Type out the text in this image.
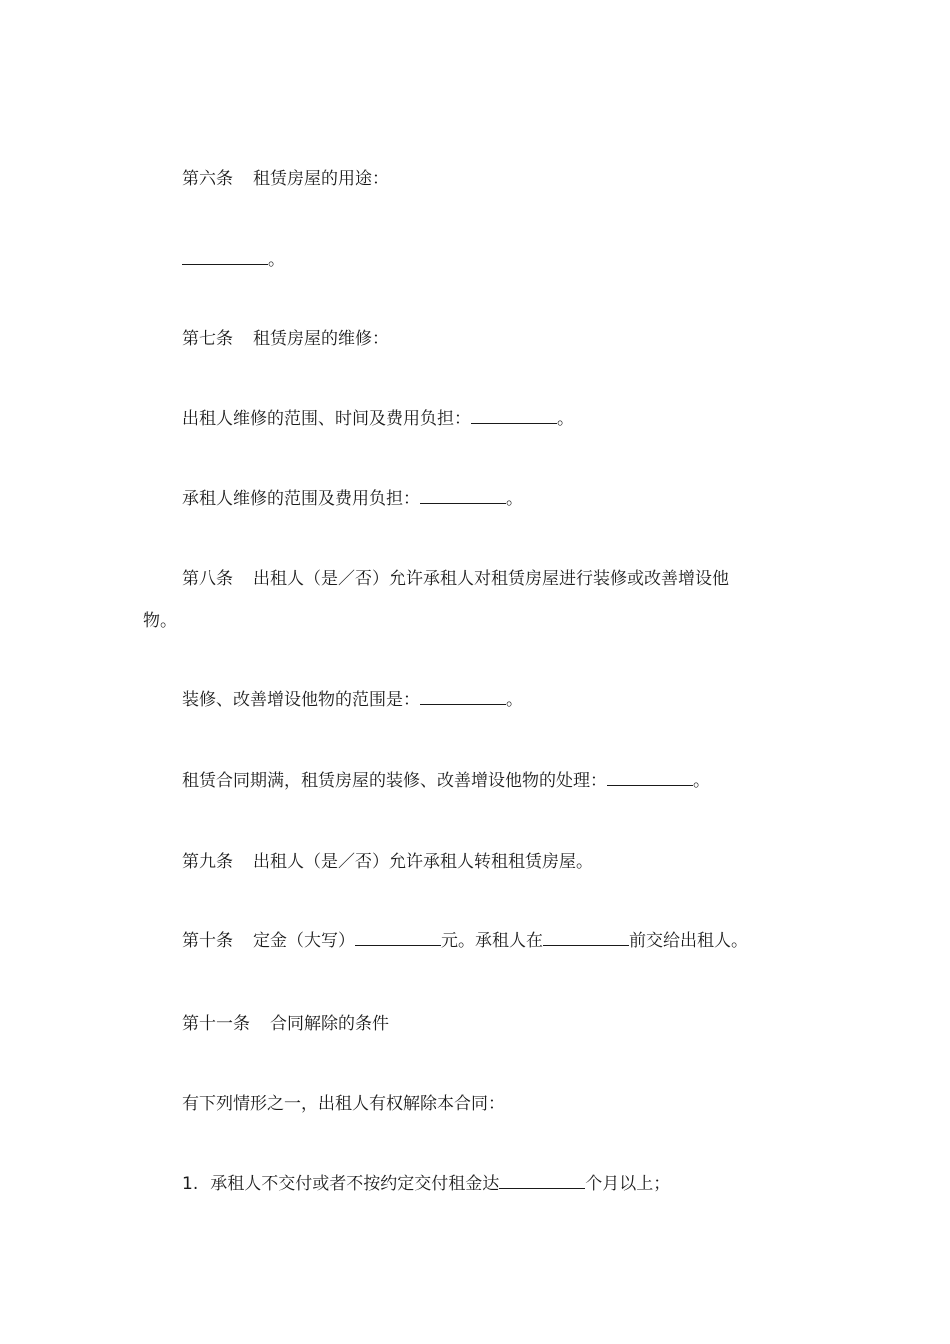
第六条 租赁房屋的用途：
。
第七条 租赁房屋的维修：
出租人维修的范围、时间及费用负担：	。
承租人维修的范围及费用负担：	。
第八条 出租人（是／否）允许承租人对租赁房屋进行装修或改善增设他
物。
装修、改善增设他物的范围是：	。
租赁合同期满，租赁房屋的装修、改善增设他物的处理：	。
第九条 出租人（是／否）允许承租人转租租赁房屋。
第十条 定金（大写）	元。承租人在	前交给出租人。
第十一条 合同解除的条件
有下列情形之一，出租人有权解除本合同：
1. 承租人不交付或者不按约定交付租金达	个月以上；
